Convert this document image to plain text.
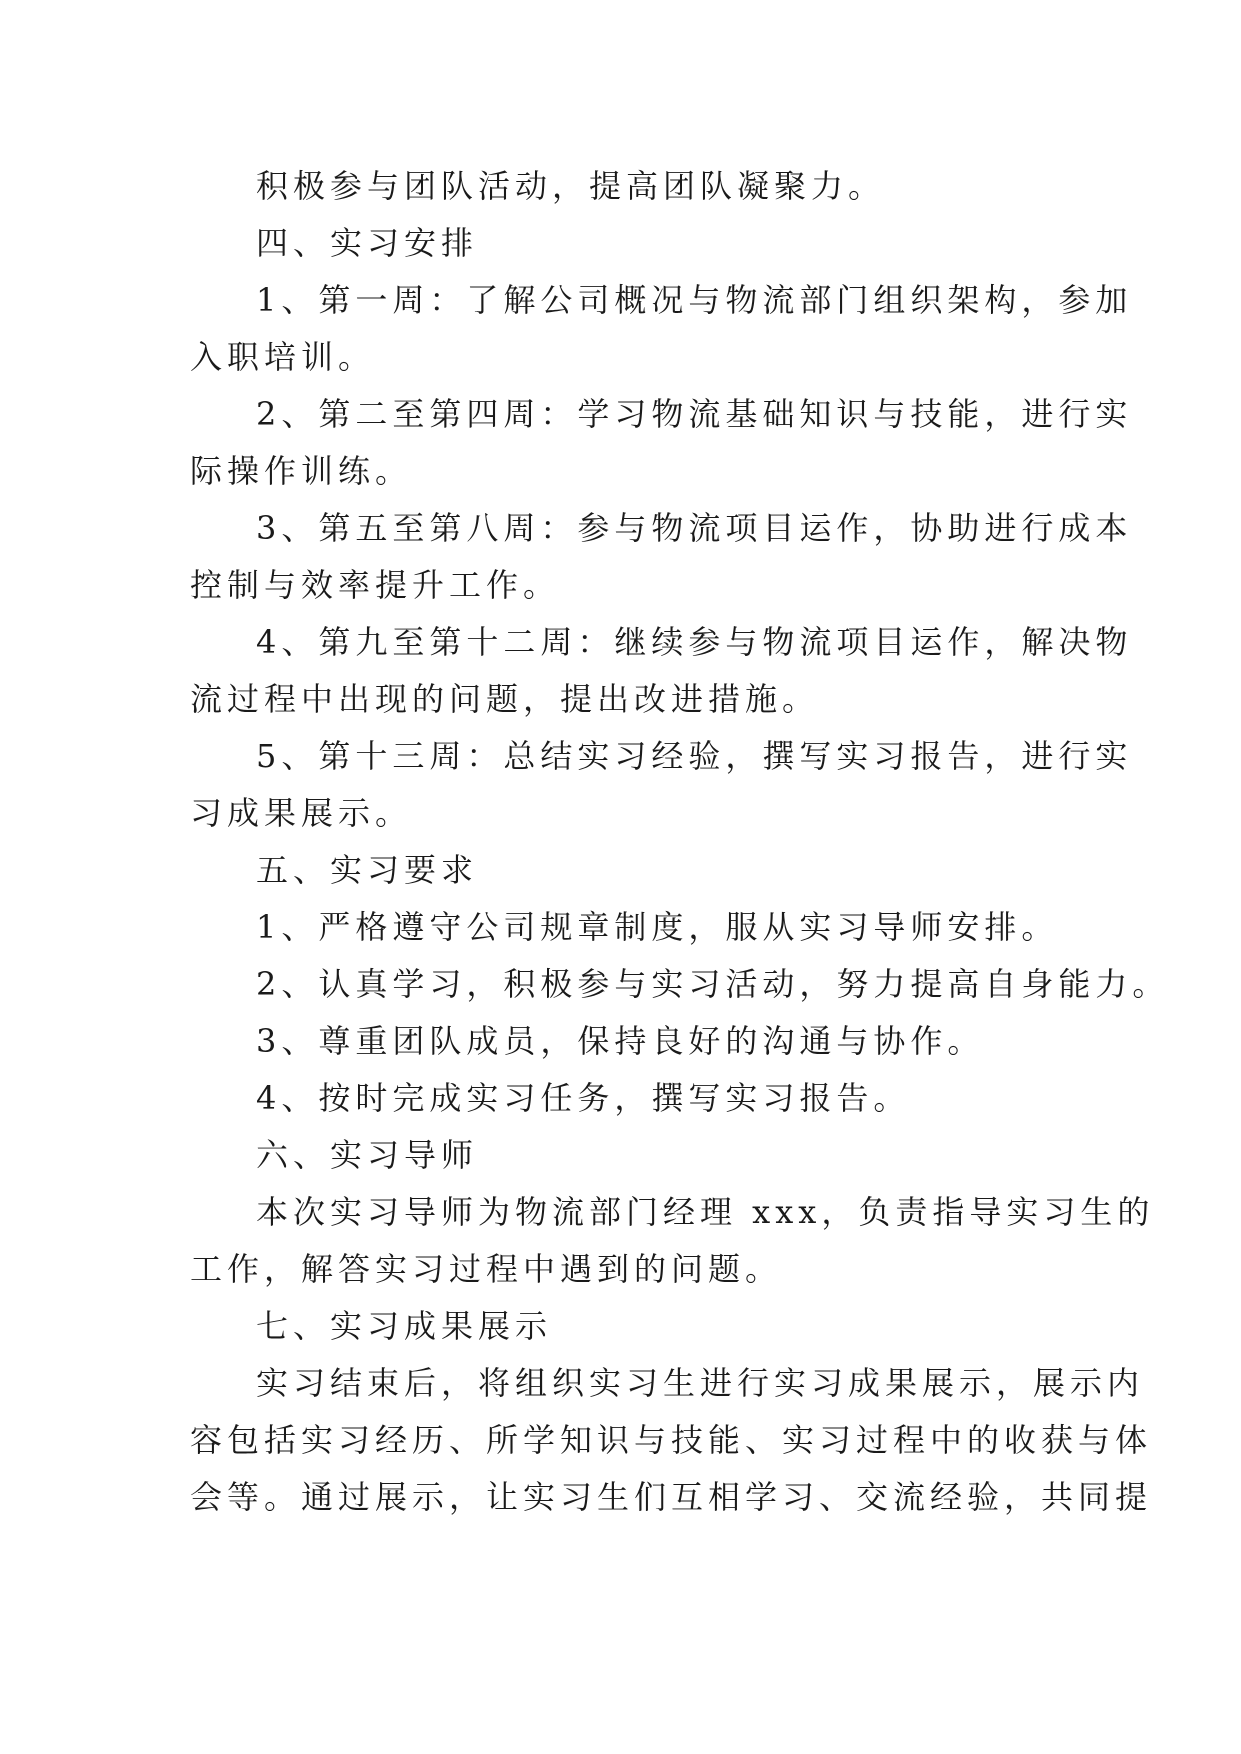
积极参与团队活动，提高团队凝聚力。
四、实习安排
1、第一周：了解公司概况与物流部门组织架构，参加
入职培训。
2、第二至第四周：学习物流基础知识与技能，进行实
际操作训练。
3、第五至第八周：参与物流项目运作，协助进行成本
控制与效率提升工作。
4、第九至第十二周：继续参与物流项目运作，解决物
流过程中出现的问题，提出改进措施。
5、第十三周：总结实习经验，撰写实习报告，进行实
习成果展示。
五、实习要求
1、严格遵守公司规章制度，服从实习导师安排。
2、认真学习，积极参与实习活动，努力提高自身能力。
3、尊重团队成员，保持良好的沟通与协作。
4、按时完成实习任务，撰写实习报告。
六、实习导师
本次实习导师为物流部门经理 xxx，负责指导实习生的
工作，解答实习过程中遇到的问题。
七、实习成果展示
实习结束后，将组织实习生进行实习成果展示，展示内
容包括实习经历、所学知识与技能、实习过程中的收获与体
会等。通过展示，让实习生们互相学习、交流经验，共同提
